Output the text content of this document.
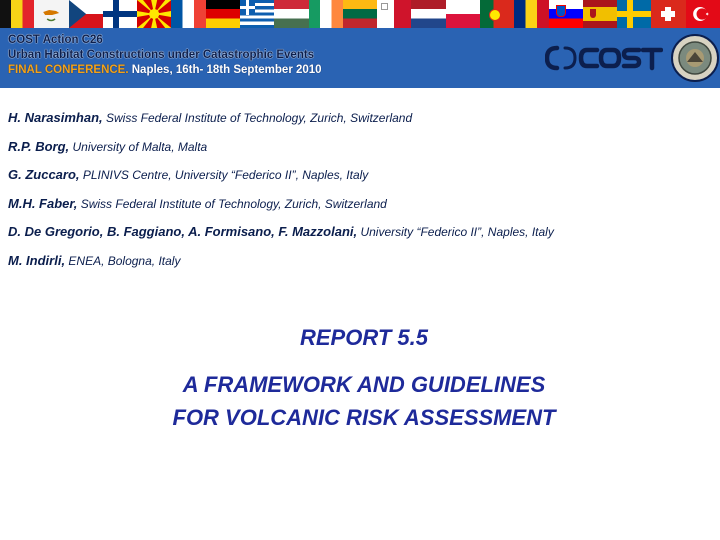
COST Action C26
Urban Habitat Constructions under Catastrophic Events
FINAL CONFERENCE. Naples, 16th- 18th September 2010
H. Narasimhan, Swiss Federal Institute of Technology, Zurich, Switzerland
R.P. Borg, University of Malta, Malta
G. Zuccaro, PLINIVS Centre, University “Federico II”, Naples, Italy
M.H. Faber, Swiss Federal Institute of Technology, Zurich, Switzerland
D. De Gregorio, B. Faggiano, A. Formisano, F. Mazzolani, University “Federico II”, Naples, Italy
M. Indirli, ENEA, Bologna, Italy
REPORT 5.5
A FRAMEWORK AND GUIDELINES
FOR VOLCANIC RISK ASSESSMENT
